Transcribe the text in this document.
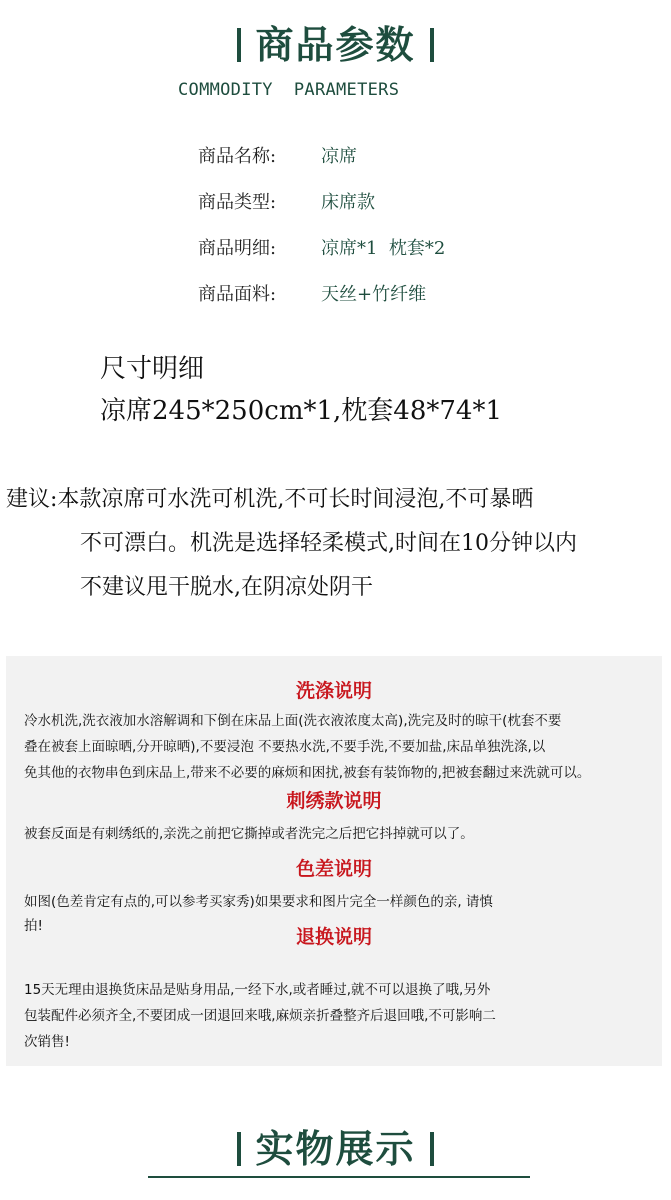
商品参数
COMMODITY  PARAMETERS
商品名称: 凉席
商品类型: 床席款
商品明细: 凉席*1  枕套*2
商品面料: 天丝+竹纤维
尺寸明细
凉席245*250cm*1,枕套48*74*1
建议:本款凉席可水洗可机洗,不可长时间浸泡,不可暴晒
不可漂白。机洗是选择轻柔模式,时间在10分钟以内
不建议甩干脱水,在阴凉处阴干
洗涤说明
冷水机洗,洗衣液加水溶解调和下倒在床品上面(洗衣液浓度太高),洗完及时的晾干(枕套不要
叠在被套上面晾晒,分开晾晒),不要浸泡 不要热水洗,不要手洗,不要加盐,床品单独洗涤,以
免其他的衣物串色到床品上,带来不必要的麻烦和困扰,被套有装饰物的,把被套翻过来洗就可以。
刺绣款说明
被套反面是有刺绣纸的,亲洗之前把它撕掉或者洗完之后把它抖掉就可以了。
色差说明
如图(色差肯定有点的,可以参考买家秀)如果要求和图片完全一样颜色的亲, 请慎
拍!	退换说明
15天无理由退换货床品是贴身用品,一经下水,或者睡过,就不可以退换了哦,另外
包装配件必须齐全,不要团成一团退回来哦,麻烦亲折叠整齐后退回哦,不可影响二
次销售!
实物展示
